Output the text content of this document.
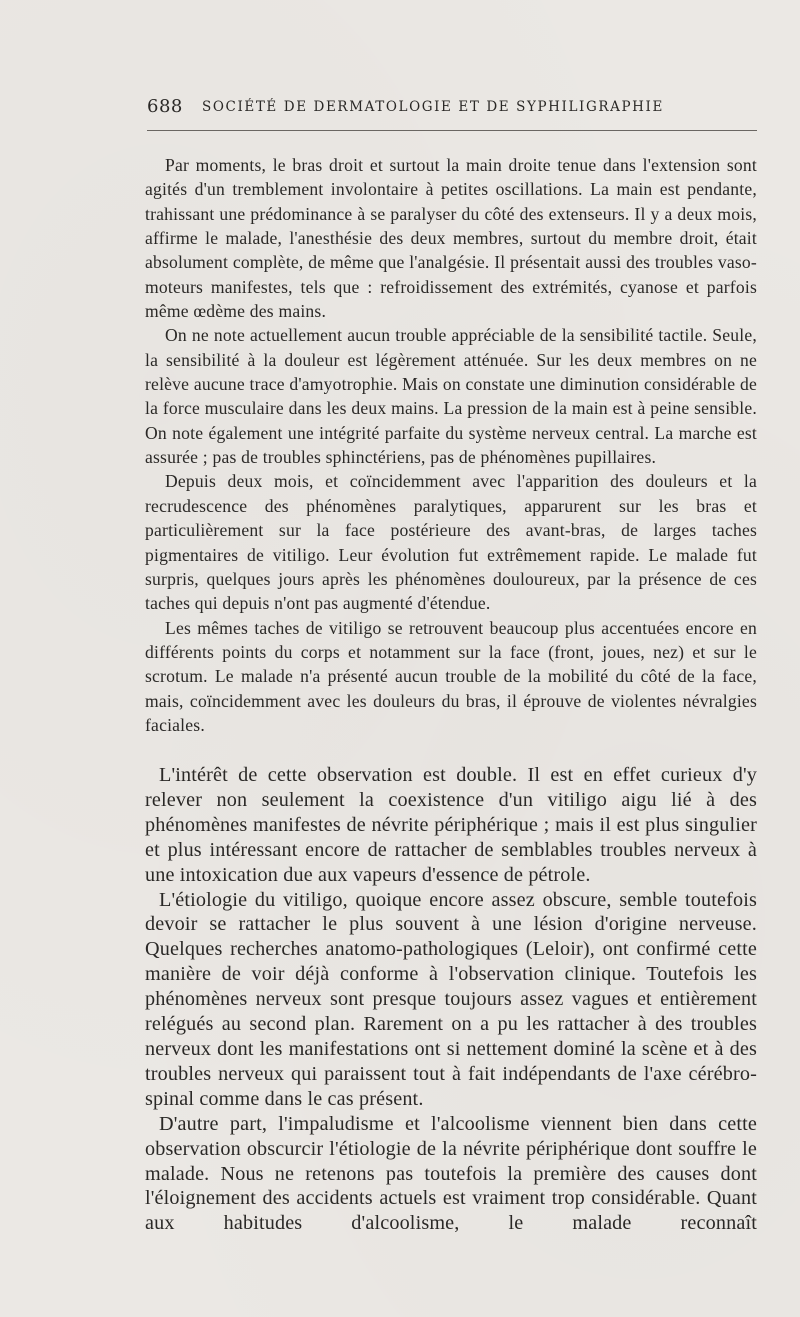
688 SOCIÉTÉ DE DERMATOLOGIE ET DE SYPHILIGRAPHIE

Par moments, le bras droit et surtout la main droite tenue dans l'extension sont agités d'un tremblement involontaire à petites oscillations. La main est pendante, trahissant une prédominance à se paralyser du côté des extenseurs. Il y a deux mois, affirme le malade, l'anesthésie des deux membres, surtout du membre droit, était absolument complète, de même que l'analgésie. Il présentait aussi des troubles vaso-moteurs manifestes, tels que : refroidissement des extrémités, cyanose et parfois même œdème des mains.

On ne note actuellement aucun trouble appréciable de la sensibilité tactile. Seule, la sensibilité à la douleur est légèrement atténuée. Sur les deux membres on ne relève aucune trace d'amyotrophie. Mais on constate une diminution considérable de la force musculaire dans les deux mains. La pression de la main est à peine sensible. On note également une intégrité parfaite du système nerveux central. La marche est assurée ; pas de troubles sphinctériens, pas de phénomènes pupillaires.

Depuis deux mois, et coïncidemment avec l'apparition des douleurs et la recrudescence des phénomènes paralytiques, apparurent sur les bras et particulièrement sur la face postérieure des avant-bras, de larges taches pigmentaires de vitiligo. Leur évolution fut extrêmement rapide. Le malade fut surpris, quelques jours après les phénomènes douloureux, par la présence de ces taches qui depuis n'ont pas augmenté d'étendue.

Les mêmes taches de vitiligo se retrouvent beaucoup plus accentuées encore en différents points du corps et notamment sur la face (front, joues, nez) et sur le scrotum. Le malade n'a présenté aucun trouble de la mobilité du côté de la face, mais, coïncidemment avec les douleurs du bras, il éprouve de violentes névralgies faciales.

L'intérêt de cette observation est double. Il est en effet curieux d'y relever non seulement la coexistence d'un vitiligo aigu lié à des phénomènes manifestes de névrite périphérique ; mais il est plus singulier et plus intéressant encore de rattacher de semblables troubles nerveux à une intoxication due aux vapeurs d'essence de pétrole.

L'étiologie du vitiligo, quoique encore assez obscure, semble toutefois devoir se rattacher le plus souvent à une lésion d'origine nerveuse. Quelques recherches anatomo-pathologiques (Leloir), ont confirmé cette manière de voir déjà conforme à l'observation clinique. Toutefois les phénomènes nerveux sont presque toujours assez vagues et entièrement relégués au second plan. Rarement on a pu les rattacher à des troubles nerveux dont les manifestations ont si nettement dominé la scène et à des troubles nerveux qui paraissent tout à fait indépendants de l'axe cérébro-spinal comme dans le cas présent.

D'autre part, l'impaludisme et l'alcoolisme viennent bien dans cette observation obscurcir l'étiologie de la névrite périphérique dont souffre le malade. Nous ne retenons pas toutefois la première des causes dont l'éloignement des accidents actuels est vraiment trop considérable. Quant aux habitudes d'alcoolisme, le malade reconnaît
